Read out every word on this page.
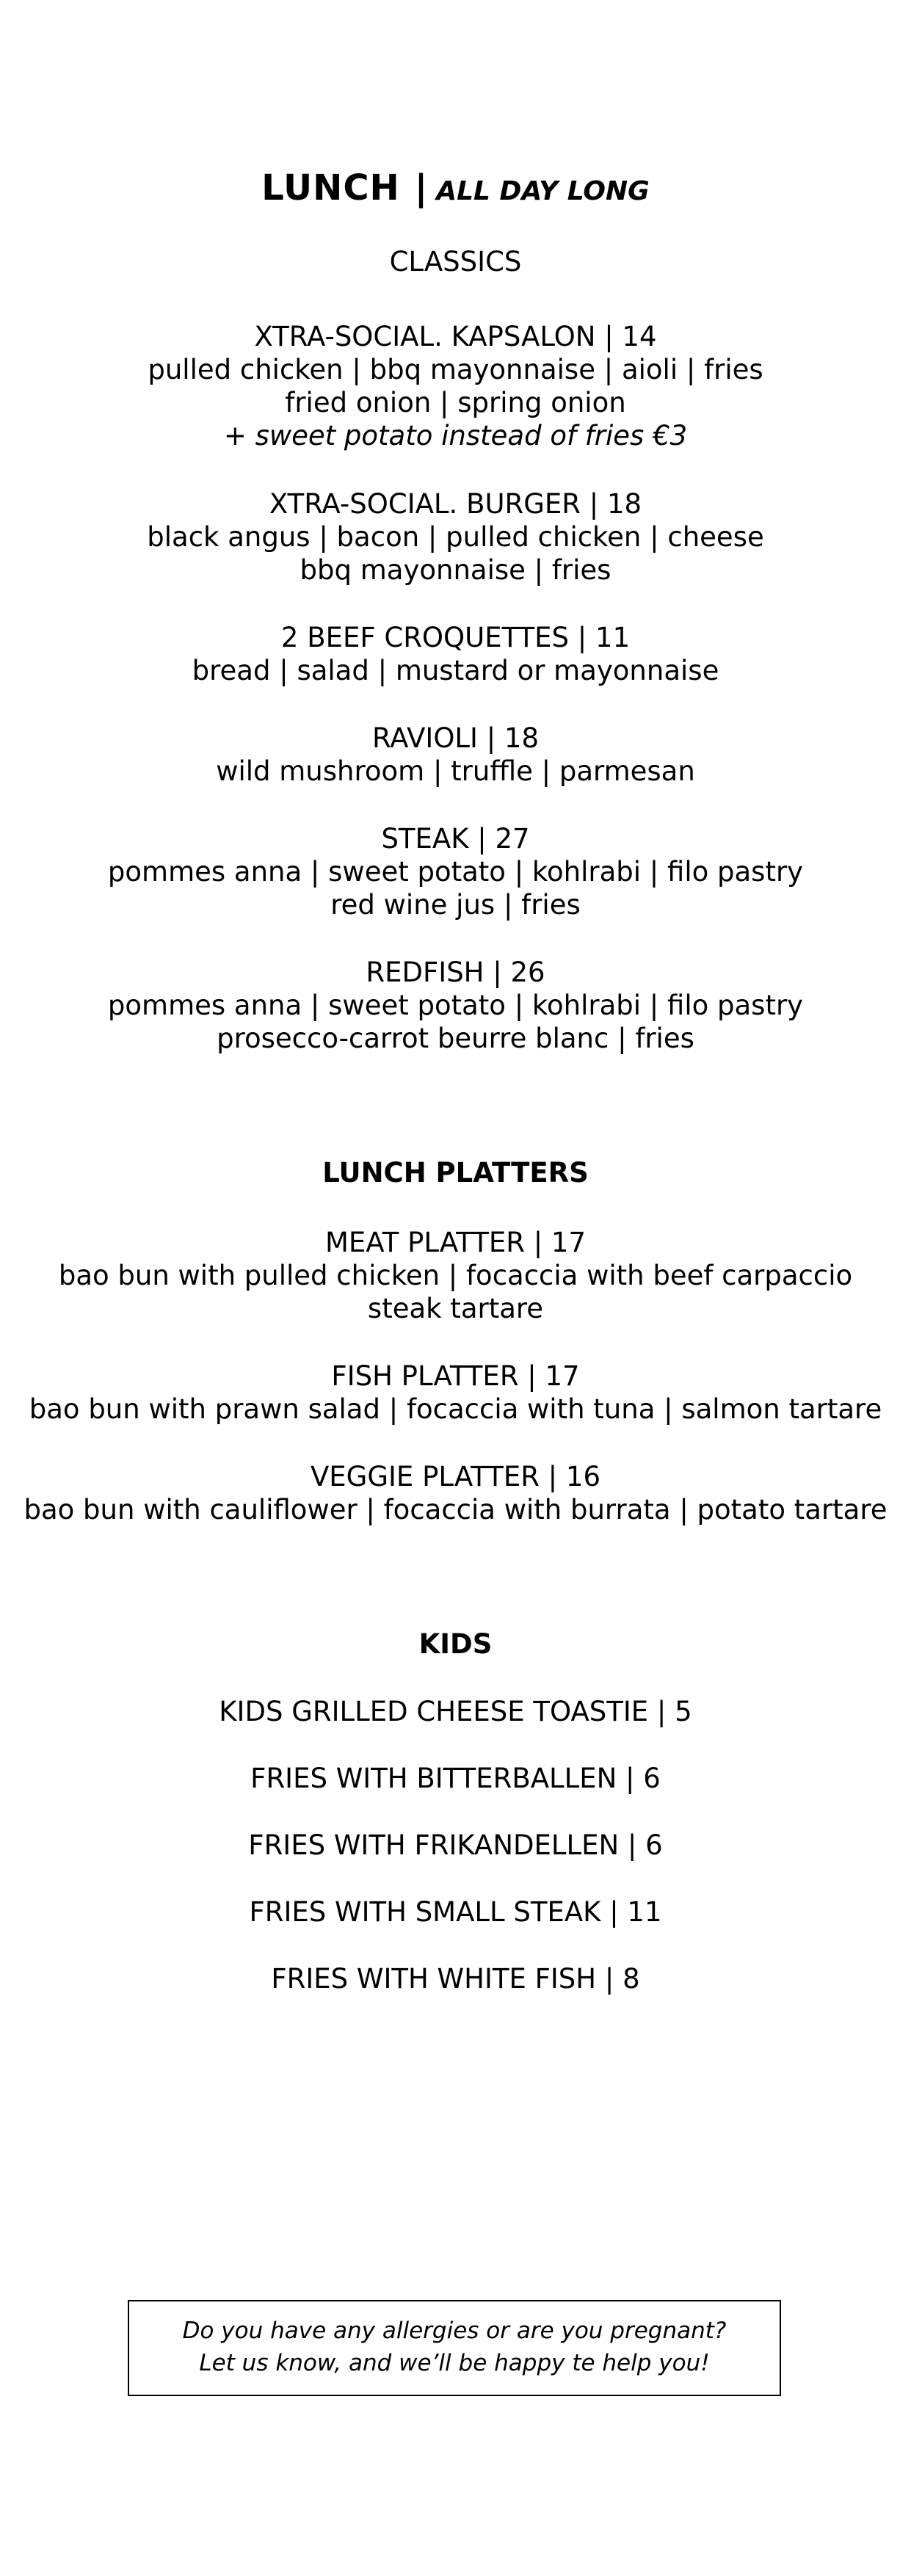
LUNCH | ALL DAY LONG
CLASSICS
XTRA-SOCIAL. KAPSALON | 14
pulled chicken | bbq mayonnaise | aioli | fries
fried onion | spring onion
+ sweet potato instead of fries €3
XTRA-SOCIAL. BURGER | 18
black angus | bacon | pulled chicken | cheese
bbq mayonnaise | fries
2 BEEF CROQUETTES | 11
bread | salad | mustard or mayonnaise
RAVIOLI | 18
wild mushroom | truffle | parmesan
STEAK | 27
pommes anna | sweet potato | kohlrabi | filo pastry
red wine jus | fries
REDFISH | 26
pommes anna | sweet potato | kohlrabi | filo pastry
prosecco-carrot beurre blanc | fries
LUNCH PLATTERS
MEAT PLATTER | 17
bao bun with pulled chicken | focaccia with beef carpaccio
steak tartare
FISH PLATTER | 17
bao bun with prawn salad | focaccia with tuna | salmon tartare
VEGGIE PLATTER | 16
bao bun with cauliflower | focaccia with burrata | potato tartare
KIDS
KIDS GRILLED CHEESE TOASTIE | 5
FRIES WITH BITTERBALLEN | 6
FRIES WITH FRIKANDELLEN | 6
FRIES WITH SMALL STEAK | 11
FRIES WITH WHITE FISH | 8
Do you have any allergies or are you pregnant?
Let us know, and we’ll be happy te help you!
